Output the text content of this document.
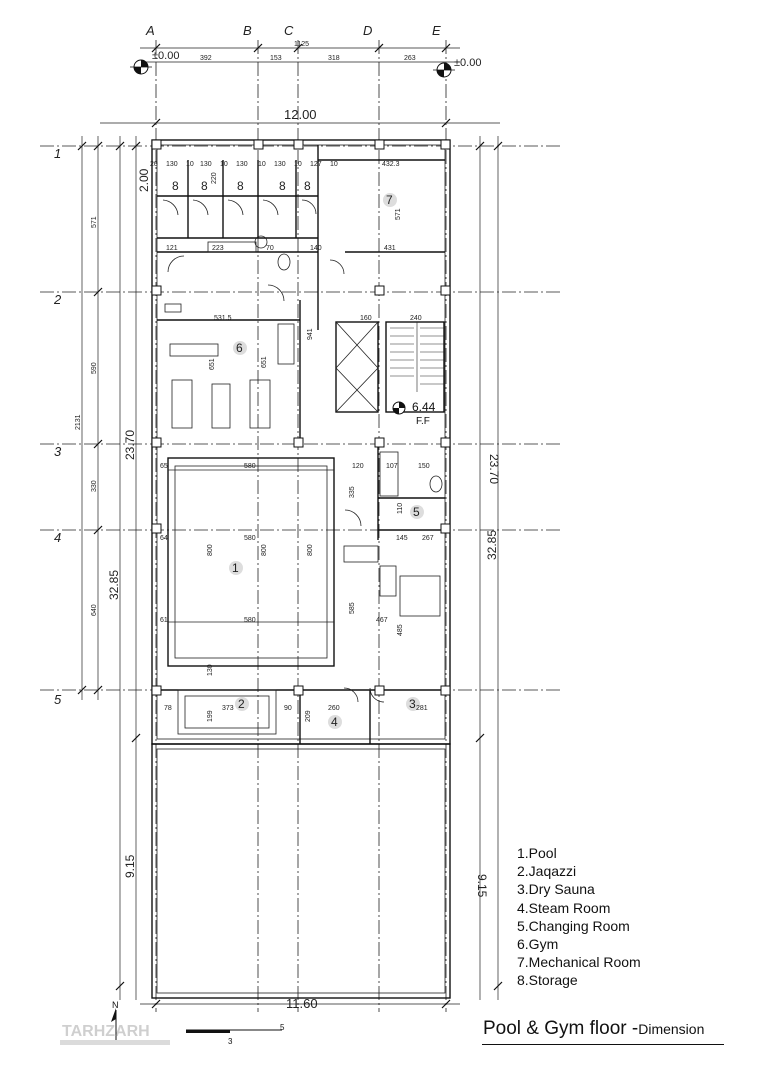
A	B C	D	E
1
2
3
4
5
1125
392	153	318	263
12.00
±0.00
±0.00
571
590
330
640
2131
32.85
23.70
9.15
2.00
23.70
32.85
9.15
11.60
8 8 8	8 8
7
6
6.44
F.F
5
1
2
4
3
20 130 10 130 10 130 10 130 10 127 10	432.3
220
121	223	70	140	431
531.5
941
160	240
651	651
580
580
580
800	800	800
335
585
467
485
145 267
150
107
120
110
65
64
61
373
199
90	260
209
281
78
130
571
N
3
5
TARHZARH
1.Pool
2.Jaqazzi
3.Dry Sauna
4.Steam Room
5.Changing Room
6.Gym
7.Mechanical Room
8.Storage
Pool & Gym floor -Dimension
